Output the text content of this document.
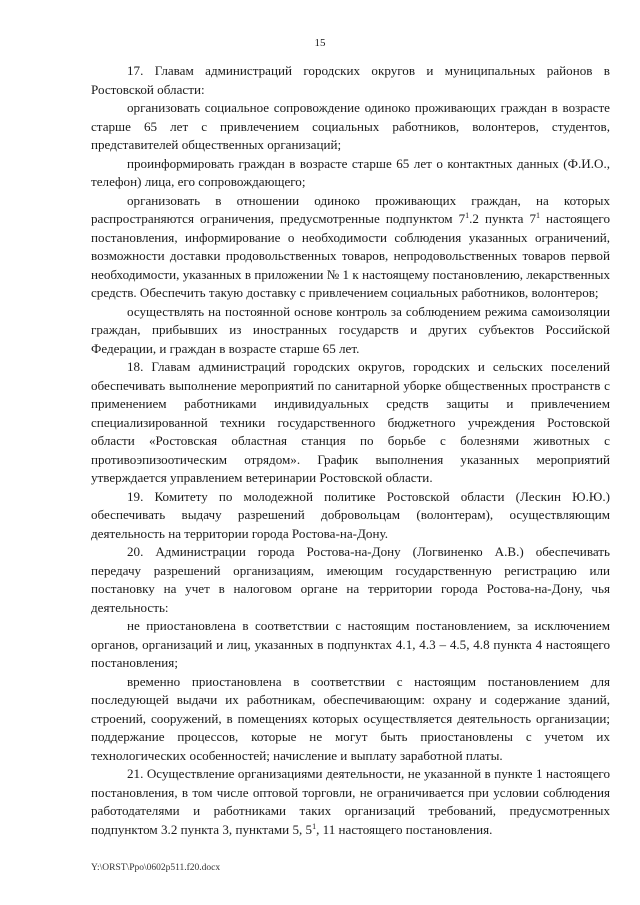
15

17. Главам администраций городских округов и муниципальных районов в Ростовской области:

организовать социальное сопровождение одиноко проживающих граждан в возрасте старше 65 лет с привлечением социальных работников, волонтеров, студентов, представителей общественных организаций;

проинформировать граждан в возрасте старше 65 лет о контактных данных (Ф.И.О., телефон) лица, его сопровождающего;

организовать в отношении одиноко проживающих граждан, на которых распространяются ограничения, предусмотренные подпунктом $7^1.2$ пункта $7^1$ настоящего постановления, информирование о необходимости соблюдения указанных ограничений, возможности доставки продовольственных товаров, непродовольственных товаров первой необходимости, указанных в приложении № 1 к настоящему постановлению, лекарственных средств. Обеспечить такую доставку с привлечением социальных работников, волонтеров;

осуществлять на постоянной основе контроль за соблюдением режима самоизоляции граждан, прибывших из иностранных государств и других субъектов Российской Федерации, и граждан в возрасте старше 65 лет.

18. Главам администраций городских округов, городских и сельских поселений обеспечивать выполнение мероприятий по санитарной уборке общественных пространств с применением работниками индивидуальных средств защиты и привлечением специализированной техники государственного бюджетного учреждения Ростовской области «Ростовская областная станция по борьбе с болезнями животных с противоэпизоотическим отрядом». График выполнения указанных мероприятий утверждается управлением ветеринарии Ростовской области.

19. Комитету по молодежной политике Ростовской области (Лескин Ю.Ю.) обеспечивать выдачу разрешений добровольцам (волонтерам), осуществляющим деятельность на территории города Ростова-на-Дону.

20. Администрации города Ростова-на-Дону (Логвиненко А.В.) обеспечивать передачу разрешений организациям, имеющим государственную регистрацию или постановку на учет в налоговом органе на территории города Ростова-на-Дону, чья деятельность:

не приостановлена в соответствии с настоящим постановлением, за исключением органов, организаций и лиц, указанных в подпунктах 4.1, 4.3 – 4.5, 4.8 пункта 4 настоящего постановления;

временно приостановлена в соответствии с настоящим постановлением для последующей выдачи их работникам, обеспечивающим: охрану и содержание зданий, строений, сооружений, в помещениях которых осуществляется деятельность организации; поддержание процессов, которые не могут быть приостановлены с учетом их технологических особенностей; начисление и выплату заработной платы.

21. Осуществление организациями деятельности, не указанной в пункте 1 настоящего постановления, в том числе оптовой торговли, не ограничивается при условии соблюдения работодателями и работниками таких организаций требований, предусмотренных подпунктом 3.2 пункта 3, пунктами 5, $5^1$, 11 настоящего постановления.

Y:\ORST\Ppo\0602p511.f20.docx
